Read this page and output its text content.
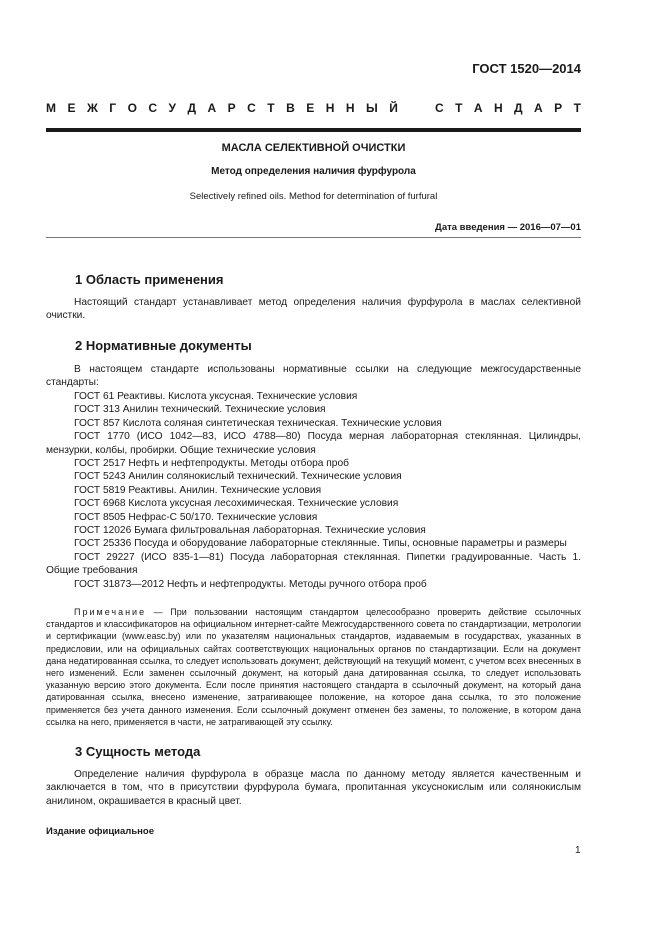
ГОСТ 1520—2014
М Е Ж Г О С У Д А Р С Т В Е Н Н Ы Й	С Т А Н Д А Р Т
МАСЛА СЕЛЕКТИВНОЙ ОЧИСТКИ
Метод определения наличия фурфурола
Selectively refined oils. Method for determination of furfural
Дата введения — 2016—07—01
1 Область применения
Настоящий стандарт устанавливает метод определения наличия фурфурола в маслах селективной очистки.
2 Нормативные документы
В настоящем стандарте использованы нормативные ссылки на следующие межгосударственные стандарты:
ГОСТ 61 Реактивы. Кислота уксусная. Технические условия
ГОСТ 313 Анилин технический. Технические условия
ГОСТ 857 Кислота соляная синтетическая техническая. Технические условия
ГОСТ 1770 (ИСО 1042—83, ИСО 4788—80) Посуда мерная лабораторная стеклянная. Цилиндры, мензурки, колбы, пробирки. Общие технические условия
ГОСТ 2517 Нефть и нефтепродукты. Методы отбора проб
ГОСТ 5243 Анилин солянокислый технический. Технические условия
ГОСТ 5819 Реактивы. Анилин. Технические условия
ГОСТ 6968 Кислота уксусная лесохимическая. Технические условия
ГОСТ 8505 Нефрас-С 50/170. Технические условия
ГОСТ 12026 Бумага фильтровальная лабораторная. Технические условия
ГОСТ 25336 Посуда и оборудование лабораторные стеклянные. Типы, основные параметры и размеры
ГОСТ 29227 (ИСО 835-1—81) Посуда лабораторная стеклянная. Пипетки градуированные. Часть 1. Общие требования
ГОСТ 31873—2012 Нефть и нефтепродукты. Методы ручного отбора проб
Примечание — При пользовании настоящим стандартом целесообразно проверить действие ссылочных стандартов и классификаторов на официальном интернет-сайте Межгосударственного совета по стандартизации, метрологии и сертификации (www.easc.by) или по указателям национальных стандартов, издаваемым в государствах, указанных в предисловии, или на официальных сайтах соответствующих национальных органов по стандартизации. Если на документ дана недатированная ссылка, то следует использовать документ, действующий на текущий момент, с учетом всех внесенных в него изменений. Если заменен ссылочный документ, на который дана датированная ссылка, то следует использовать указанную версию этого документа. Если после принятия настоящего стандарта в ссылочный документ, на который дана датированная ссылка, внесено изменение, затрагивающее положение, на которое дана ссылка, то это положение применяется без учета данного изменения. Если ссылочный документ отменен без замены, то положение, в котором дана ссылка на него, применяется в части, не затрагивающей эту ссылку.
3 Сущность метода
Определение наличия фурфурола в образце масла по данному методу является качественным и заключается в том, что в присутствии фурфурола бумага, пропитанная уксуснокислым или солянокислым анилином, окрашивается в красный цвет.
Издание официальное
1
